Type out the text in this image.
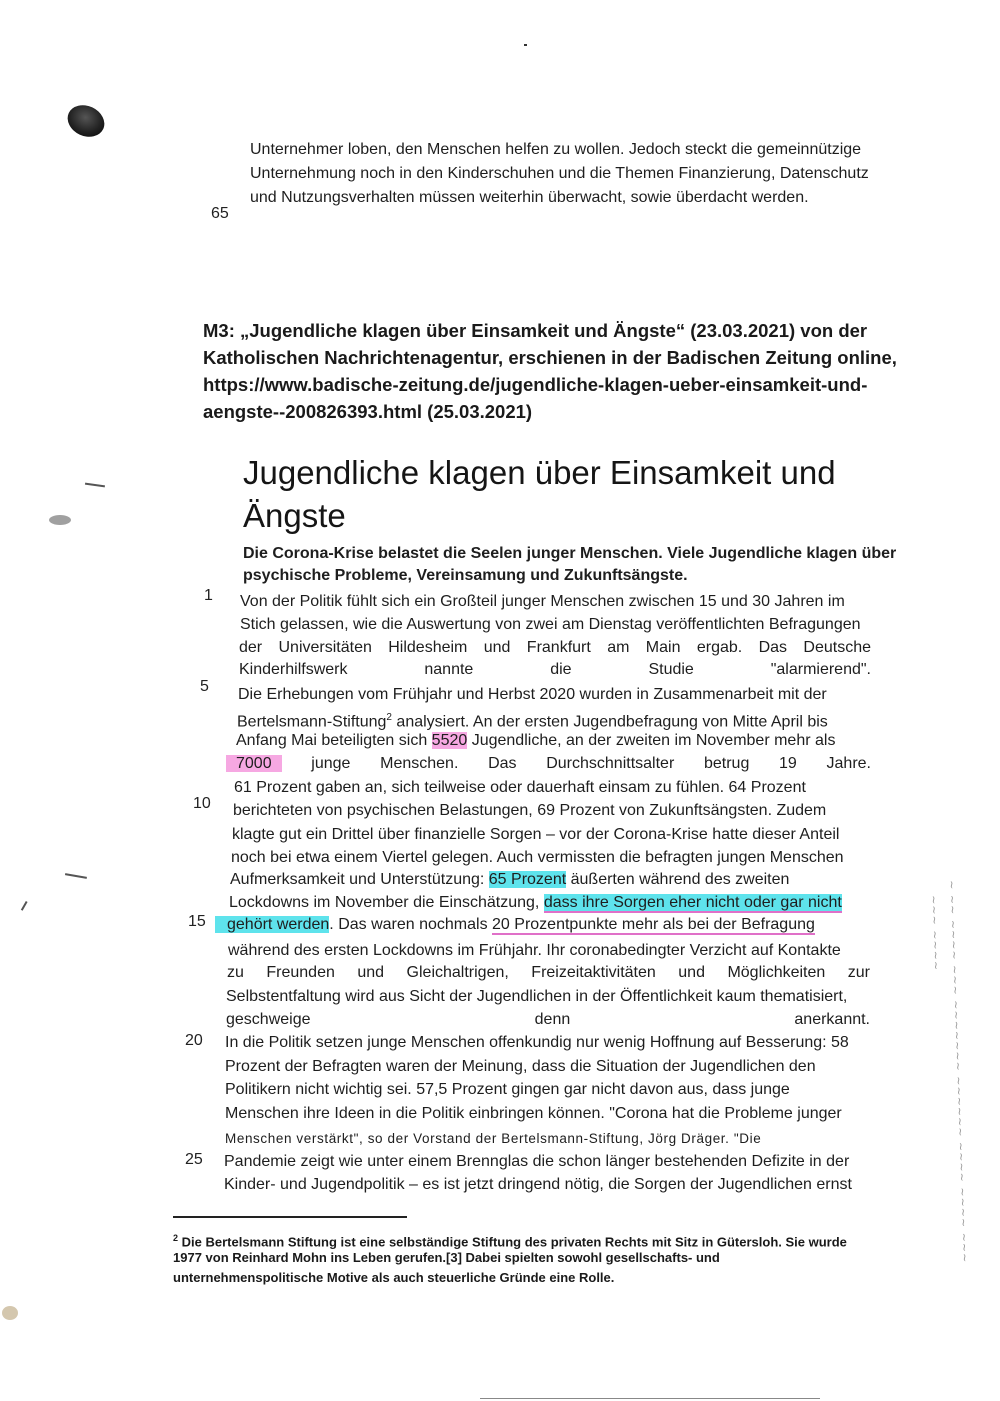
~ ~~ ~~~~ ~~~ ~~~~~~~ ~~~~~~ ~~~~ ~~~~ ~~~
~~~ ~~~~
Unternehmer loben, den Menschen helfen zu wollen. Jedoch steckt die gemeinnützige
Unternehmung noch in den Kinderschuhen und die Themen Finanzierung, Datenschutz
und Nutzungsverhalten müssen weiterhin überwacht, sowie überdacht werden.
65
M3: „Jugendliche klagen über Einsamkeit und Ängste“ (23.03.2021) von der
Katholischen Nachrichtenagentur, erschienen in der Badischen Zeitung online,
https://www.badische-zeitung.de/jugendliche-klagen-ueber-einsamkeit-und-
aengste--200826393.html (25.03.2021)
Jugendliche klagen über Einsamkeit und
Ängste
Die Corona-Krise belastet die Seelen junger Menschen. Viele Jugendliche klagen über
psychische Probleme, Vereinsamung und Zukunftsängste.
1
5
10
15
20
25
Von der Politik fühlt sich ein Großteil junger Menschen zwischen 15 und 30 Jahren im
Stich gelassen, wie die Auswertung von zwei am Dienstag veröffentlichten Befragungen
der Universitäten Hildesheim und Frankfurt am Main ergab. Das Deutsche
Kinderhilfswerk nannte die Studie "alarmierend".
Die Erhebungen vom Frühjahr und Herbst 2020 wurden in Zusammenarbeit mit der
Bertelsmann-Stiftung$^2$ analysiert. An der ersten Jugendbefragung von Mitte April bis
Anfang Mai beteiligten sich 5520 Jugendliche, an der zweiten im November mehr als
7000 junge Menschen. Das Durchschnittsalter betrug 19 Jahre.
61 Prozent gaben an, sich teilweise oder dauerhaft einsam zu fühlen. 64 Prozent
berichteten von psychischen Belastungen, 69 Prozent von Zukunftsängsten. Zudem
klagte gut ein Drittel über finanzielle Sorgen – vor der Corona-Krise hatte dieser Anteil
noch bei etwa einem Viertel gelegen. Auch vermissten die befragten jungen Menschen
Aufmerksamkeit und Unterstützung: 65 Prozent äußerten während des zweiten
Lockdowns im November die Einschätzung, dass ihre Sorgen eher nicht oder gar nicht
gehört werden. Das waren nochmals 20 Prozentpunkte mehr als bei der Befragung
während des ersten Lockdowns im Frühjahr. Ihr coronabedingter Verzicht auf Kontakte
zu Freunden und Gleichaltrigen, Freizeitaktivitäten und Möglichkeiten zur
Selbstentfaltung wird aus Sicht der Jugendlichen in der Öffentlichkeit kaum thematisiert,
geschweige denn anerkannt.
In die Politik setzen junge Menschen offenkundig nur wenig Hoffnung auf Besserung: 58
Prozent der Befragten waren der Meinung, dass die Situation der Jugendlichen den
Politikern nicht wichtig sei. 57,5 Prozent gingen gar nicht davon aus, dass junge
Menschen ihre Ideen in die Politik einbringen können. "Corona hat die Probleme junger
Menschen verstärkt", so der Vorstand der Bertelsmann-Stiftung, Jörg Dräger. "Die
Pandemie zeigt wie unter einem Brennglas die schon länger bestehenden Defizite in der
Kinder- und Jugendpolitik – es ist jetzt dringend nötig, die Sorgen der Jugendlichen ernst
$^2$ Die Bertelsmann Stiftung ist eine selbständige Stiftung des privaten Rechts mit Sitz in Gütersloh. Sie wurde
1977 von Reinhard Mohn ins Leben gerufen.[3] Dabei spielten sowohl gesellschafts- und
unternehmenspolitische Motive als auch steuerliche Gründe eine Rolle.
